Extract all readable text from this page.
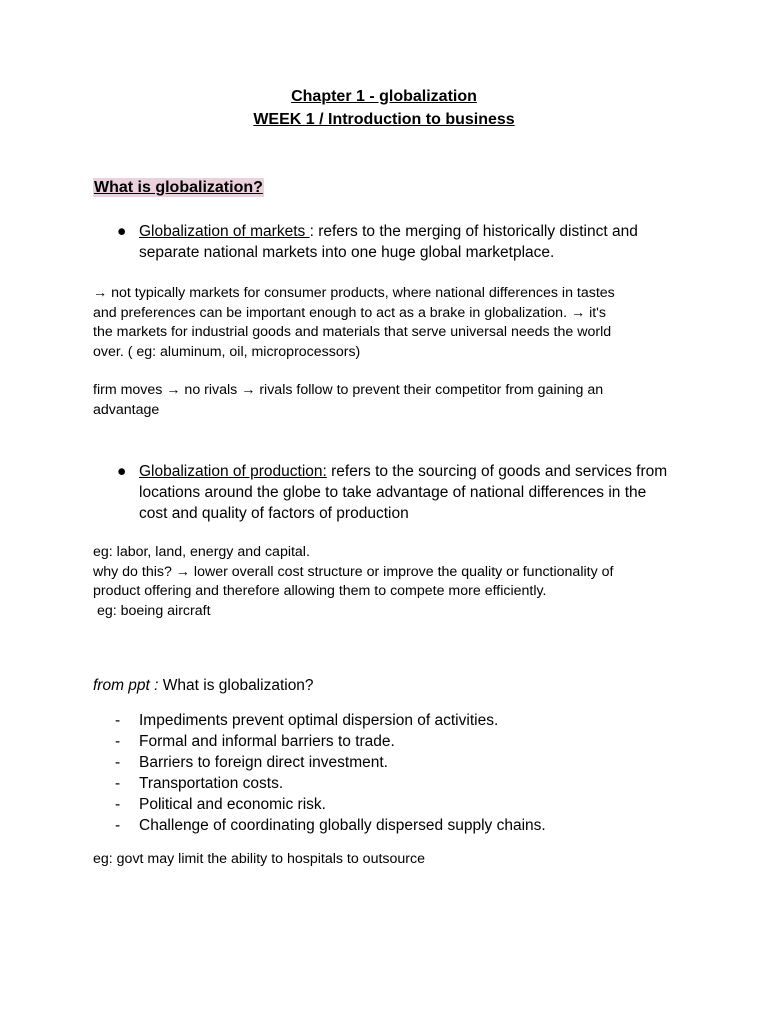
Chapter 1 - globalization
WEEK 1 / Introduction to business
What is globalization?
● Globalization of markets : refers to the merging of historically distinct and separate national markets into one huge global marketplace.
→ not typically markets for consumer products, where national differences in tastes
and preferences can be important enough to act as a brake in globalization. → it's
the markets for industrial goods and materials that serve universal needs the world
over. ( eg: aluminum, oil, microprocessors)
firm moves → no rivals → rivals follow to prevent their competitor from gaining an
advantage
● Globalization of production: refers to the sourcing of goods and services from locations around the globe to take advantage of national differences in the cost and quality of factors of production
eg: labor, land, energy and capital.
why do this? → lower overall cost structure or improve the quality or functionality of
product offering and therefore allowing them to compete more efficiently.
eg: boeing aircraft
from ppt : What is globalization?
- Impediments prevent optimal dispersion of activities.
- Formal and informal barriers to trade.
- Barriers to foreign direct investment.
- Transportation costs.
- Political and economic risk.
- Challenge of coordinating globally dispersed supply chains.
eg: govt may limit the ability to hospitals to outsource
